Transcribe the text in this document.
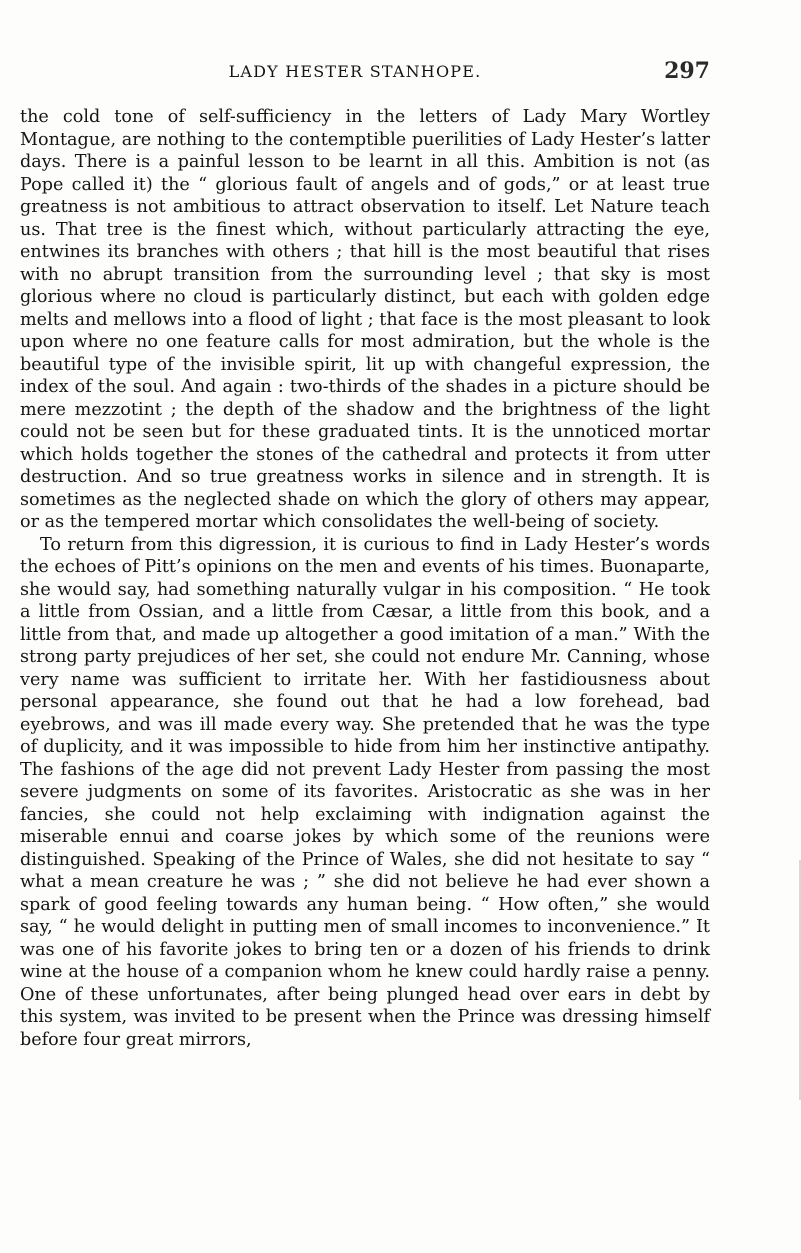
LADY HESTER STANHOPE.	297

the cold tone of self-sufficiency in the letters of Lady Mary Wortley Montague, are nothing to the contemptible puerilities of Lady Hester’s latter days. There is a painful lesson to be learnt in all this. Ambition is not (as Pope called it) the “ glorious fault of angels and of gods,” or at least true greatness is not ambitious to attract observation to itself. Let Nature teach us. That tree is the finest which, without particularly attracting the eye, entwines its branches with others ; that hill is the most beautiful that rises with no abrupt transition from the surrounding level ; that sky is most glorious where no cloud is particularly distinct, but each with golden edge melts and mellows into a flood of light ; that face is the most pleasant to look upon where no one feature calls for most admiration, but the whole is the beautiful type of the invisible spirit, lit up with changeful expression, the index of the soul. And again : two-thirds of the shades in a picture should be mere mezzotint ; the depth of the shadow and the brightness of the light could not be seen but for these graduated tints. It is the unnoticed mortar which holds together the stones of the cathedral and protects it from utter destruction. And so true greatness works in silence and in strength. It is sometimes as the neglected shade on which the glory of others may appear, or as the tempered mortar which consolidates the well-being of society.

To return from this digression, it is curious to find in Lady Hester’s words the echoes of Pitt’s opinions on the men and events of his times. Buonaparte, she would say, had something naturally vulgar in his composition. “ He took a little from Ossian, and a little from Cæsar, a little from this book, and a little from that, and made up altogether a good imitation of a man.” With the strong party prejudices of her set, she could not endure Mr. Canning, whose very name was sufficient to irritate her. With her fastidiousness about personal appearance, she found out that he had a low forehead, bad eyebrows, and was ill made every way. She pretended that he was the type of duplicity, and it was impossible to hide from him her instinctive antipathy. The fashions of the age did not prevent Lady Hester from passing the most severe judgments on some of its favorites. Aristocratic as she was in her fancies, she could not help exclaiming with indignation against the miserable ennui and coarse jokes by which some of the reunions were distinguished. Speaking of the Prince of Wales, she did not hesitate to say “ what a mean creature he was ; ” she did not believe he had ever shown a spark of good feeling towards any human being. “ How often,” she would say, “ he would delight in putting men of small incomes to inconvenience.” It was one of his favorite jokes to bring ten or a dozen of his friends to drink wine at the house of a companion whom he knew could hardly raise a penny. One of these unfortunates, after being plunged head over ears in debt by this system, was invited to be present when the Prince was dressing himself before four great mirrors,
